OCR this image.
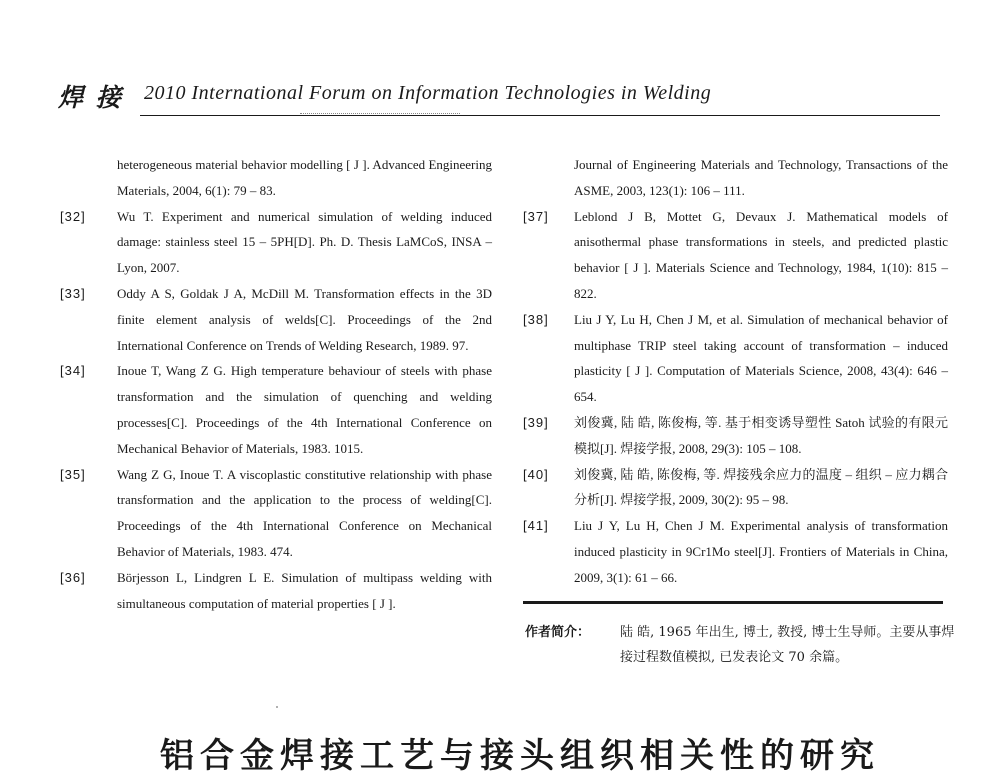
焊 接 2010 International Forum on Information Technologies in Welding
heterogeneous material behavior modelling [ J ]. Advanced Engineering Materials, 2004, 6(1): 79 – 83.
[32] Wu T. Experiment and numerical simulation of welding induced damage: stainless steel 15 – 5PH[D]. Ph. D. Thesis LaMCoS, INSA – Lyon, 2007.
[33] Oddy A S, Goldak J A, McDill M. Transformation effects in the 3D finite element analysis of welds[C]. Proceedings of the 2nd International Conference on Trends of Welding Research, 1989. 97.
[34] Inoue T, Wang Z G. High temperature behaviour of steels with phase transformation and the simulation of quenching and welding processes[C]. Proceedings of the 4th International Conference on Mechanical Behavior of Materials, 1983. 1015.
[35] Wang Z G, Inoue T. A viscoplastic constitutive relationship with phase transformation and the application to the process of welding[C]. Proceedings of the 4th International Conference on Mechanical Behavior of Materials, 1983. 474.
[36] Börjesson L, Lindgren L E. Simulation of multipass welding with simultaneous computation of material properties [ J ].
Journal of Engineering Materials and Technology, Transactions of the ASME, 2003, 123(1): 106 – 111.
[37] Leblond J B, Mottet G, Devaux J. Mathematical models of anisothermal phase transformations in steels, and predicted plastic behavior [ J ]. Materials Science and Technology, 1984, 1(10): 815 – 822.
[38] Liu J Y, Lu H, Chen J M, et al. Simulation of mechanical behavior of multiphase TRIP steel taking account of transformation – induced plasticity [ J ]. Computation of Materials Science, 2008, 43(4): 646 – 654.
[39] 刘俊冀, 陆 皓, 陈俊梅, 等. 基于相变诱导塑性 Satoh 试验的有限元模拟[J]. 焊接学报, 2008, 29(3): 105 – 108.
[40] 刘俊冀, 陆 皓, 陈俊梅, 等. 焊接残余应力的温度 – 组织 – 应力耦合分析[J]. 焊接学报, 2009, 30(2): 95 – 98.
[41] Liu J Y, Lu H, Chen J M. Experimental analysis of transformation induced plasticity in 9Cr1Mo steel[J]. Frontiers of Materials in China, 2009, 3(1): 61 – 66.
作者简介：	陆 皓, 1965 年出生, 博士, 教授, 博士生导师。主要从事焊接过程数值模拟, 已发表论文 70 余篇。
铝合金焊接工艺与接头组织相关性的研究
